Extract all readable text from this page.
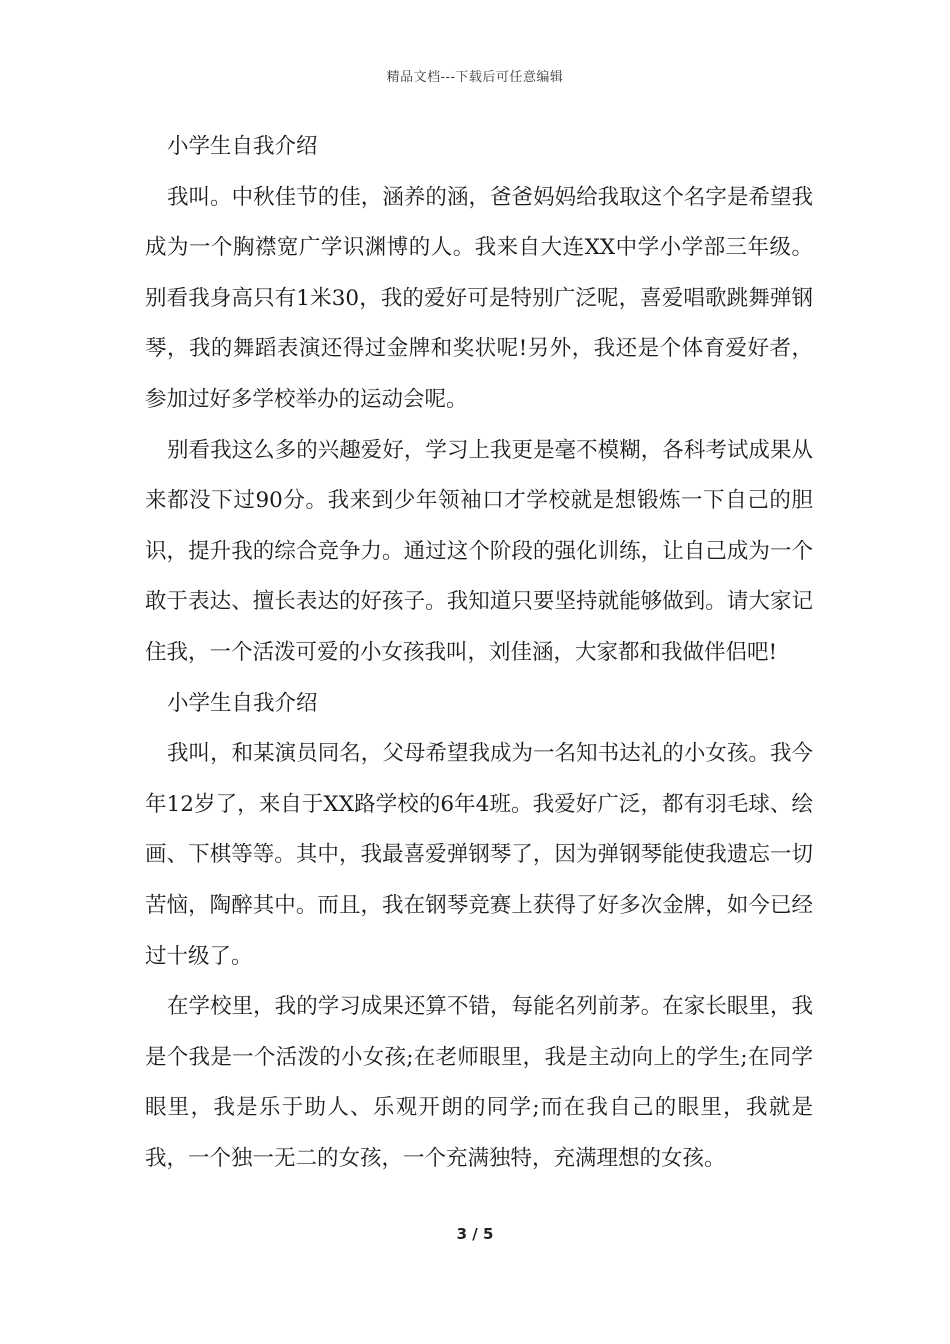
精品文档---下载后可任意编辑

小学生自我介绍

我叫。中秋佳节的佳，涵养的涵，爸爸妈妈给我取这个名字是希望我成为一个胸襟宽广学识渊博的人。我来自大连XX中学小学部三年级。别看我身高只有1米30，我的爱好可是特别广泛呢，喜爱唱歌跳舞弹钢琴，我的舞蹈表演还得过金牌和奖状呢!另外，我还是个体育爱好者，参加过好多学校举办的运动会呢。

别看我这么多的兴趣爱好，学习上我更是毫不模糊，各科考试成果从来都没下过90分。我来到少年领袖口才学校就是想锻炼一下自己的胆识，提升我的综合竞争力。通过这个阶段的强化训练，让自己成为一个敢于表达、擅长表达的好孩子。我知道只要坚持就能够做到。请大家记住我，一个活泼可爱的小女孩我叫，刘佳涵，大家都和我做伴侣吧!

小学生自我介绍

我叫，和某演员同名，父母希望我成为一名知书达礼的小女孩。我今年12岁了，来自于XX路学校的6年4班。我爱好广泛，都有羽毛球、绘画、下棋等等。其中，我最喜爱弹钢琴了，因为弹钢琴能使我遗忘一切苦恼，陶醉其中。而且，我在钢琴竞赛上获得了好多次金牌，如今已经过十级了。

在学校里，我的学习成果还算不错，每能名列前茅。在家长眼里，我是个我是一个活泼的小女孩;在老师眼里，我是主动向上的学生;在同学眼里，我是乐于助人、乐观开朗的同学;而在我自己的眼里，我就是我，一个独一无二的女孩，一个充满独特，充满理想的女孩。

3 / 5
